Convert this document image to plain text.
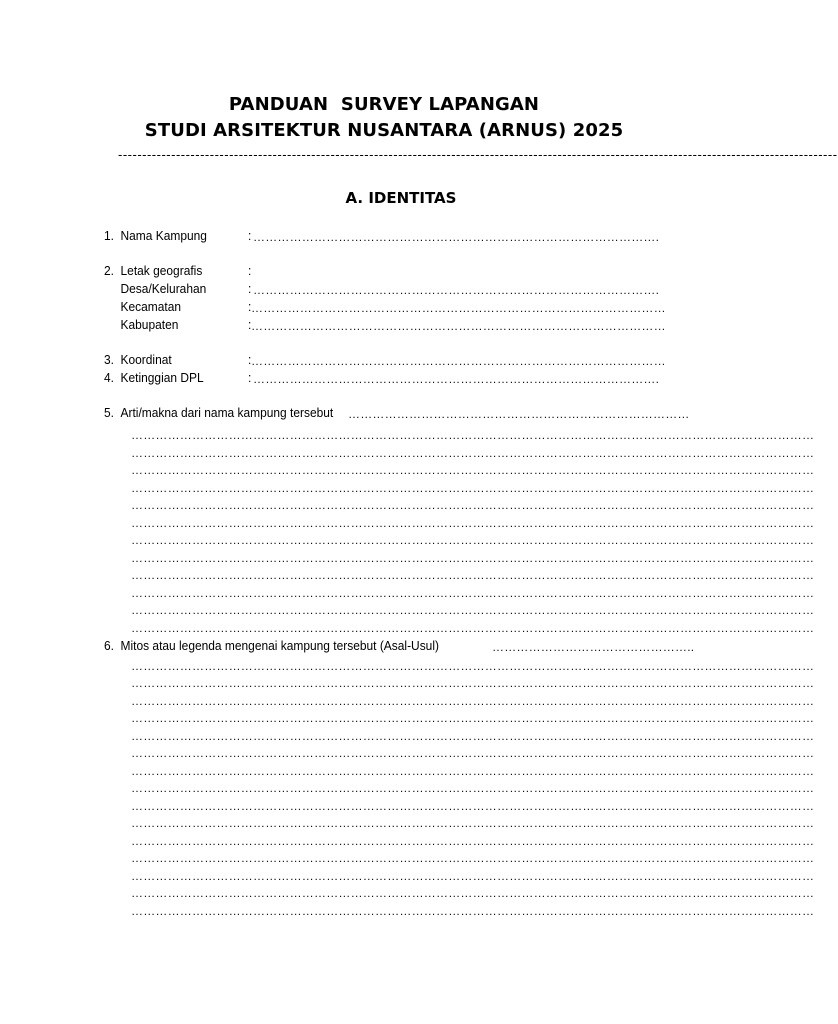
PANDUAN  SURVEY LAPANGAN
STUDI ARSITEKTUR NUSANTARA (ARNUS) 2025
-----------------------------------------------------------------------------------------------------------------------------------------------------
A. IDENTITAS
1. Nama Kampung	: ……………………………………………………………………………………….
2. Letak geografis	:
Desa/Kelurahan	: ……………………………………………………………………………………….
Kecamatan	: …………………………………………………………………………………………
Kabupaten	: …………………………………………………………………………………………
3. Koordinat	: …………………………………………………………………………………………
4. Ketinggian DPL	: ……………………………………………………………………………………….
5. Arti/makna dari nama kampung tersebut …………………………………………………………………………
……………………………………………………………………………………………………………………………………………………
……………………………………………………………………………………………………………………………………………………
……………………………………………………………………………………………………………………………………………………
……………………………………………………………………………………………………………………………………………………
……………………………………………………………………………………………………………………………………………………
……………………………………………………………………………………………………………………………………………………
……………………………………………………………………………………………………………………………………………………
……………………………………………………………………………………………………………………………………………………
……………………………………………………………………………………………………………………………………………………
……………………………………………………………………………………………………………………………………………………
……………………………………………………………………………………………………………………………………………………
……………………………………………………………………………………………………………………………………………………
6. Mitos atau legenda mengenai kampung tersebut (Asal-Usul)	…………………………………………..
……………………………………………………………………………………………………………………………………………………
……………………………………………………………………………………………………………………………………………………
……………………………………………………………………………………………………………………………………………………
……………………………………………………………………………………………………………………………………………………
……………………………………………………………………………………………………………………………………………………
……………………………………………………………………………………………………………………………………………………
……………………………………………………………………………………………………………………………………………………
……………………………………………………………………………………………………………………………………………………
……………………………………………………………………………………………………………………………………………………
……………………………………………………………………………………………………………………………………………………
……………………………………………………………………………………………………………………………………………………
……………………………………………………………………………………………………………………………………………………
……………………………………………………………………………………………………………………………………………………
……………………………………………………………………………………………………………………………………………………
……………………………………………………………………………………………………………………………………………………
